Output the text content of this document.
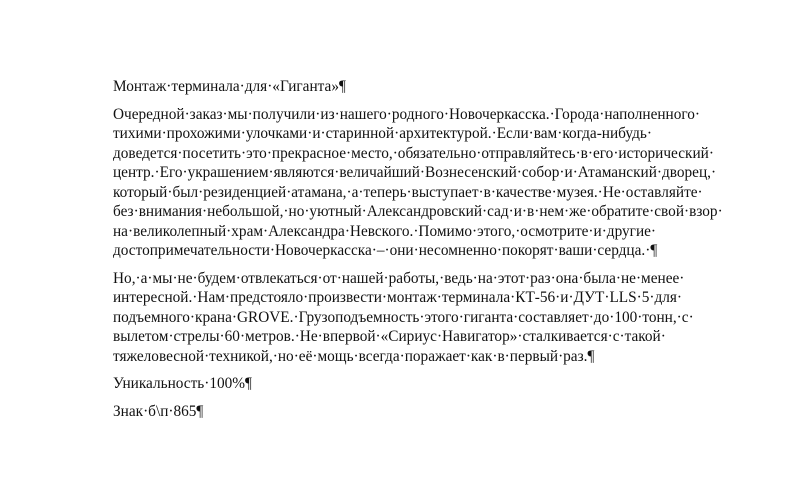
Монтаж·терминала·для·«Гиганта»¶

Очередной·заказ·мы·получили·из·нашего·родного·Новочеркасска.·Города·наполненного·
тихими·прохожими·улочками·и·старинной·архитектурой.·Если·вам·когда-нибудь·
доведется·посетить·это·прекрасное·место,·обязательно·отправляйтесь·в·его·исторический·
центр.·Его·украшением·являются·величайший·Вознесенский·собор·и·Атаманский·дворец,·
который·был·резиденцией·атамана,·а·теперь·выступает·в·качестве·музея.·Не·оставляйте·
без·внимания·небольшой,·но·уютный·Александровский·сад·и·в·нем·же·обратите·свой·взор·
на·великолепный·храм·Александра·Невского.·Помимо·этого,·осмотрите·и·другие·
достопримечательности·Новочеркасска·–·они·несомненно·покорят·ваши·сердца.·¶

Но,·а·мы·не·будем·отвлекаться·от·нашей·работы,·ведь·на·этот·раз·она·была·не·менее·
интересной.·Нам·предстояло·произвести·монтаж·терминала·КТ-56·и·ДУТ·LLS·5·для·
подъемного·крана·GROVE.·Грузоподъемность·этого·гиганта·составляет·до·100·тонн,·с·
вылетом·стрелы·60·метров.·Не·впервой·«Сириус·Навигатор»·сталкивается·с·такой·
тяжеловесной·техникой,·но·её·мощь·всегда·поражает·как·в·первый·раз.¶

Уникальность·100%¶

Знак·б\п·865¶
